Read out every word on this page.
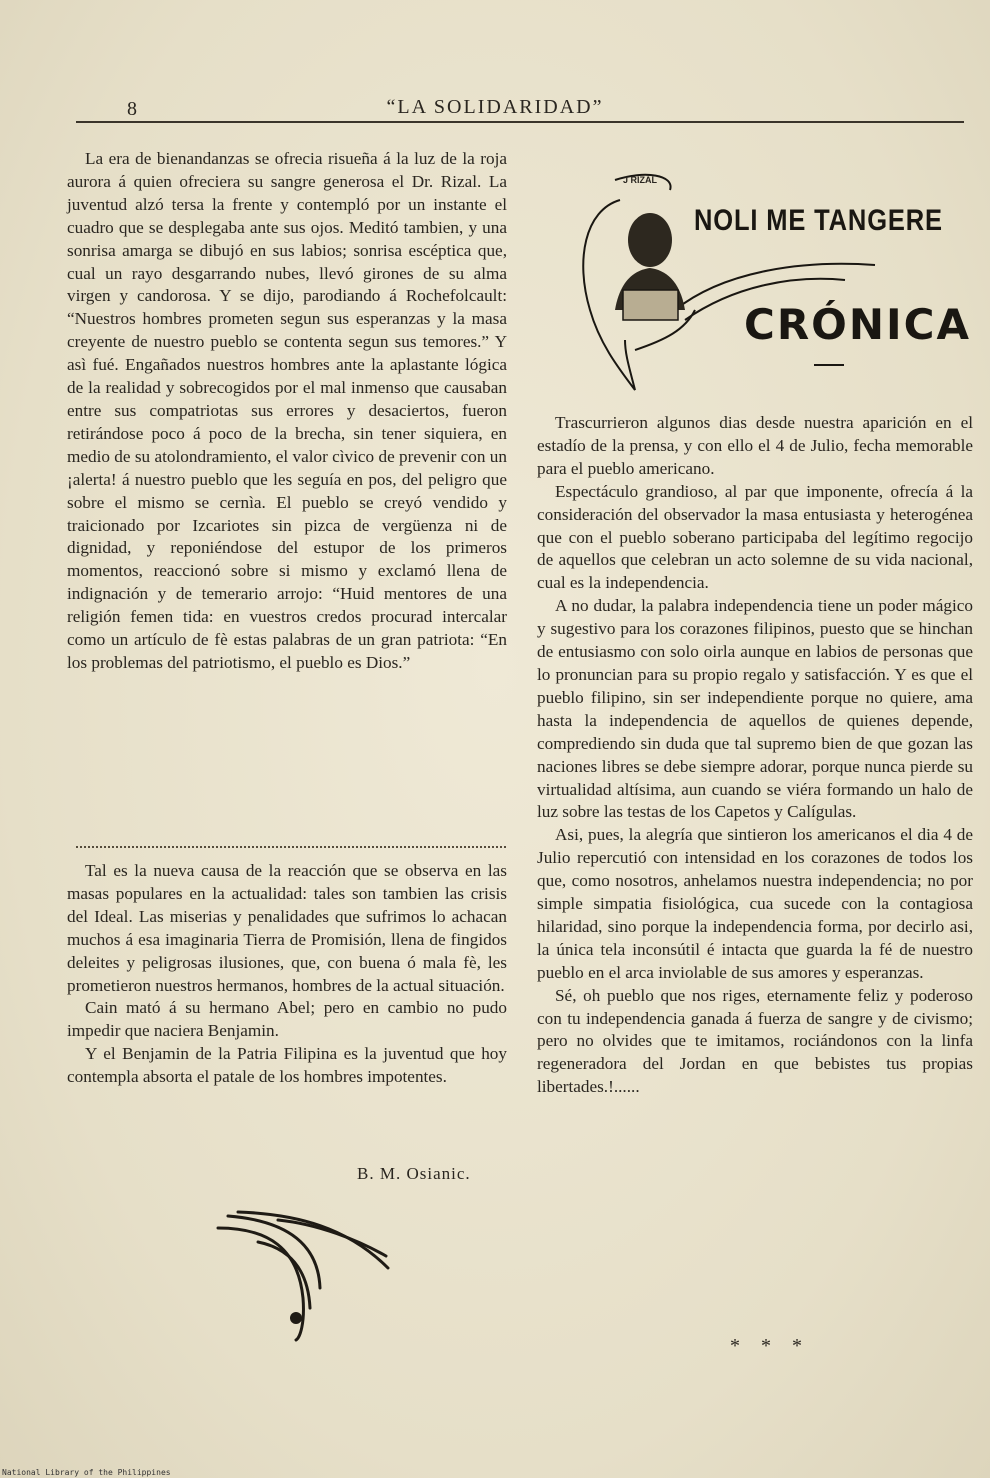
8	“LA SOLIDARIDAD”

La era de bienandanzas se ofrecia risueña á la luz de la roja aurora á quien ofreciera su sangre generosa el Dr. Rizal. La juventud alzó tersa la frente y contempló por un instante el cuadro que se desplegaba ante sus ojos. Meditó tambien, y una sonrisa amarga se dibujó en sus labios; sonrisa escéptica que, cual un rayo desgarrando nubes, llevó girones de su alma virgen y candorosa. Y se dijo, parodiando á Rochefolcault: “Nuestros hombres prometen segun sus esperanzas y la masa creyente de nuestro pueblo se contenta segun sus temores.” Y asì fué. Engañados nuestros hombres ante la aplastante lógica de la realidad y sobrecogidos por el mal inmenso que causaban entre sus compatriotas sus errores y desaciertos, fueron retirándose poco á poco de la brecha, sin tener siquiera, en medio de su atolondramiento, el valor cìvico de prevenir con un ¡alerta! á nuestro pueblo que les seguía en pos, del peligro que sobre el mismo se cernìa. El pueblo se creyó vendido y traicionado por Izcariotes sin pizca de vergüenza ni de dignidad, y reponiéndose del estupor de los primeros momentos, reaccionó sobre si mismo y exclamó llena de indignación y de temerario arrojo: “Huid mentores de una religión femen tida: en vuestros credos procurad intercalar como un artículo de fè estas palabras de un gran patriota: “En los problemas del patriotismo, el pueblo es Dios.”

Tal es la nueva causa de la reacción que se observa en las masas populares en la actualidad: tales son tambien las crisis del Ideal. Las miserias y penalidades que sufrimos lo achacan muchos á esa imaginaria Tierra de Promisión, llena de fingidos deleites y peligrosas ilusiones, que, con buena ó mala fè, les prometieron nuestros hermanos, hombres de la actual situación.

Cain mató á su hermano Abel; pero en cambio no pudo impedir que naciera Benjamin.

Y el Benjamin de la Patria Filipina es la juventud que hoy contempla absorta el patale de los hombres impotentes.

B. M. Osianic.
J RIZAL
NOLI ME TANGERE
CRÓNICA

Trascurrieron algunos dias desde nuestra aparición en el estadío de la prensa, y con ello el 4 de Julio, fecha memorable para el pueblo americano.

Espectáculo grandioso, al par que imponente, ofrecía á la consideración del observador la masa entusiasta y heterogénea que con el pueblo soberano participaba del legítimo regocijo de aquellos que celebran un acto solemne de su vida nacional, cual es la independencia.

A no dudar, la palabra independencia tiene un poder mágico y sugestivo para los corazones filipinos, puesto que se hinchan de entusiasmo con solo oirla aunque en labios de personas que lo pronuncian para su propio regalo y satisfacción. Y es que el pueblo filipino, sin ser independiente porque no quiere, ama hasta la independencia de aquellos de quienes depende, comprediendo sin duda que tal supremo bien de que gozan las naciones libres se debe siempre adorar, porque nunca pierde su virtualidad altísima, aun cuando se viéra formando un halo de luz sobre las testas de los Capetos y Calígulas.

Asi, pues, la alegría que sintieron los americanos el dia 4 de Julio repercutió con intensidad en los corazones de todos los que, como nosotros, anhelamos nuestra independencia; no por simple simpatia fisiológica, cua sucede con la contagiosa hilaridad, sino porque la independencia forma, por decirlo asi, la única tela inconsútil é intacta que guarda la fé de nuestro pueblo en el arca inviolable de sus amores y esperanzas.

Sé, oh pueblo que nos riges, eternamente feliz y poderoso con tu independencia ganada á fuerza de sangre y de civismo; pero no olvides que te imitamos, rociándonos con la linfa regeneradora del Jordan en que bebistes tus propias libertades.!......

* * *
National Library of the Philippines
